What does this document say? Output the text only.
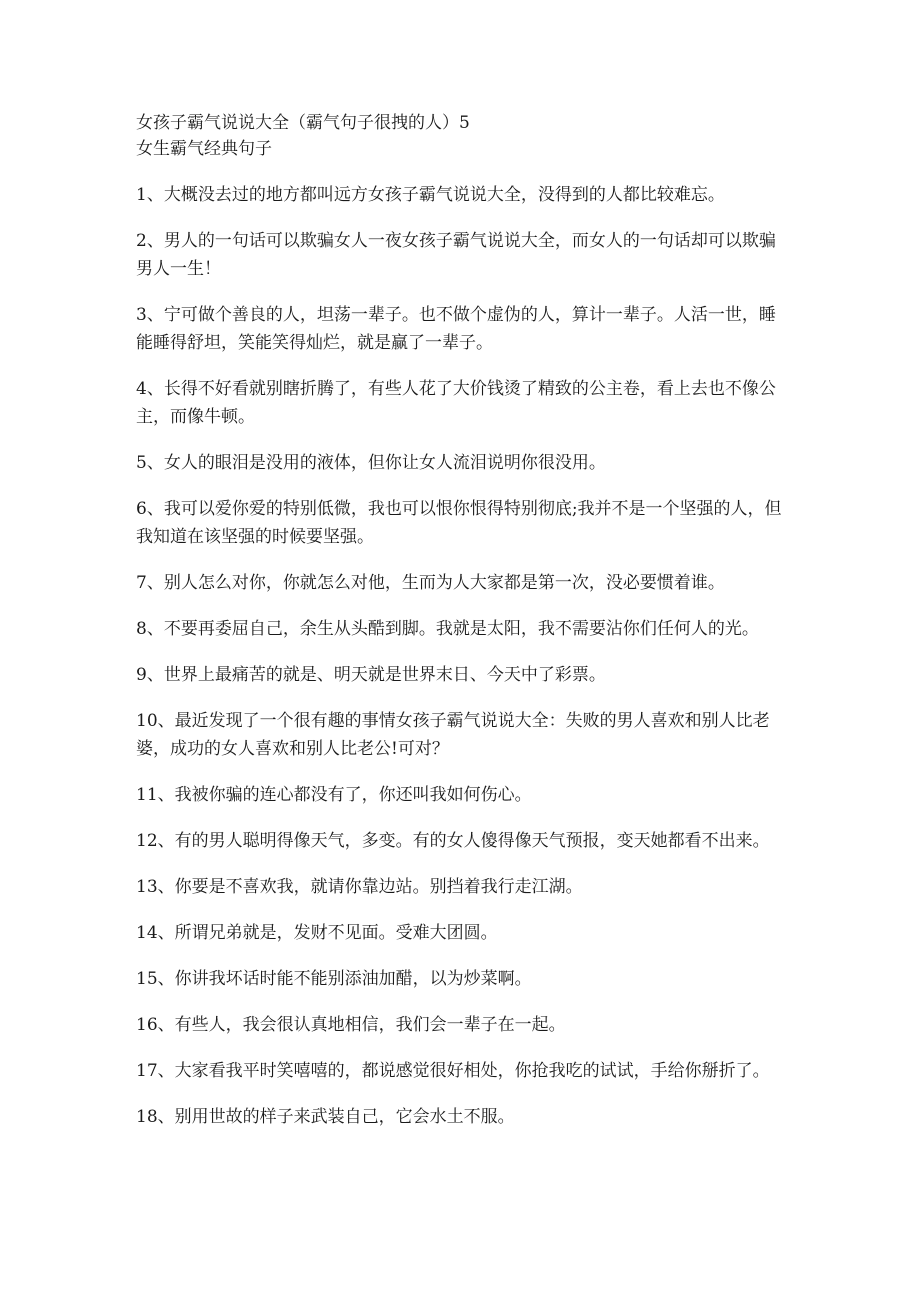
女孩子霸气说说大全（霸气句子很拽的人）5

女生霸气经典句子

1、大概没去过的地方都叫远方女孩子霸气说说大全，没得到的人都比较难忘。

2、男人的一句话可以欺骗女人一夜女孩子霸气说说大全，而女人的一句话却可以欺骗男人一生！

3、宁可做个善良的人，坦荡一辈子。也不做个虚伪的人，算计一辈子。人活一世，睡能睡得舒坦，笑能笑得灿烂，就是赢了一辈子。

4、长得不好看就别瞎折腾了，有些人花了大价钱烫了精致的公主卷，看上去也不像公主，而像牛顿。

5、女人的眼泪是没用的液体，但你让女人流泪说明你很没用。

6、我可以爱你爱的特别低微，我也可以恨你恨得特别彻底;我并不是一个坚强的人，但我知道在该坚强的时候要坚强。

7、别人怎么对你，你就怎么对他，生而为人大家都是第一次，没必要惯着谁。

8、不要再委屈自己，余生从头酷到脚。我就是太阳，我不需要沾你们任何人的光。

9、世界上最痛苦的就是、明天就是世界末日、今天中了彩票。

10、最近发现了一个很有趣的事情女孩子霸气说说大全：失败的男人喜欢和别人比老婆，成功的女人喜欢和别人比老公!可对？

11、我被你骗的连心都没有了，你还叫我如何伤心。

12、有的男人聪明得像天气，多变。有的女人傻得像天气预报，变天她都看不出来。

13、你要是不喜欢我，就请你靠边站。别挡着我行走江湖。

14、所谓兄弟就是，发财不见面。受难大团圆。

15、你讲我坏话时能不能别添油加醋，以为炒菜啊。

16、有些人，我会很认真地相信，我们会一辈子在一起。

17、大家看我平时笑嘻嘻的，都说感觉很好相处，你抢我吃的试试，手给你掰折了。

18、别用世故的样子来武装自己，它会水土不服。
